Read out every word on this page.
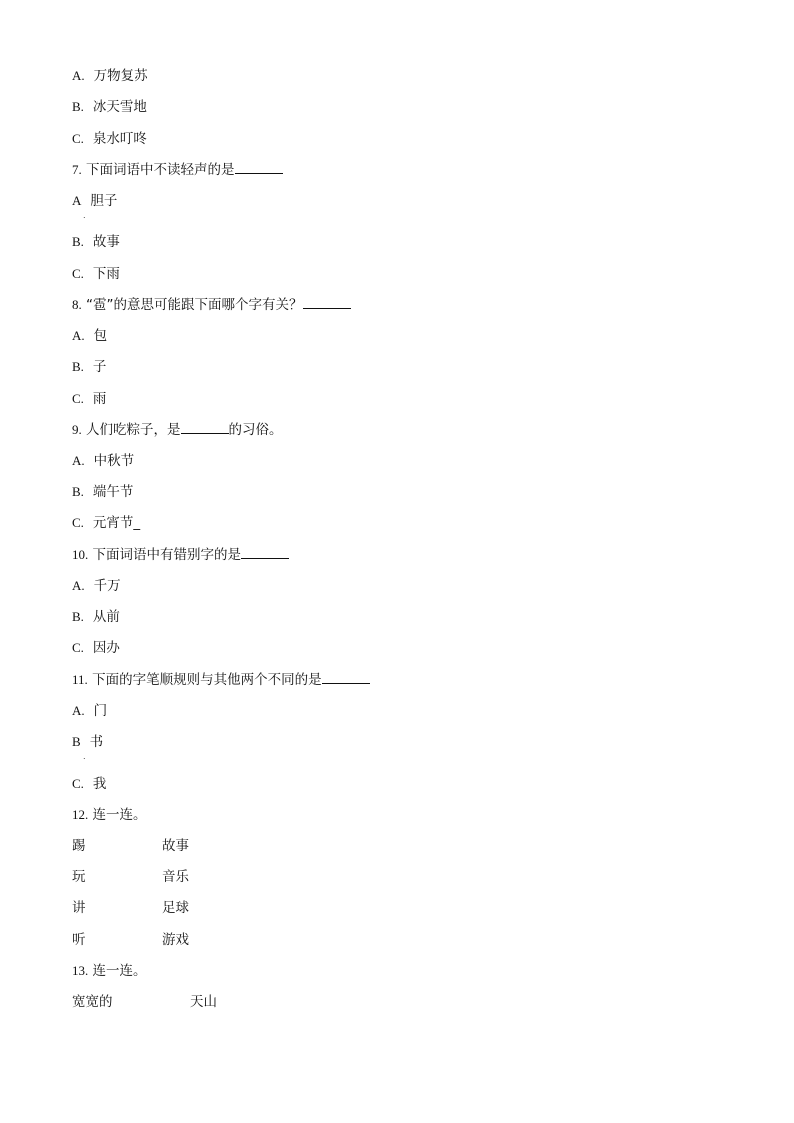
A. 万物复苏
B. 冰天雪地
C. 泉水叮咚
7. 下面词语中不读轻声的是
A 胆子
.
B. 故事
C. 下雨
8. “雹”的意思可能跟下面哪个字有关？
A. 包
B. 子
C. 雨
9. 人们吃粽子，是	的习俗。
A. 中秋节
B. 端午节
C. 元宵节_
10. 下面词语中有错别字的是
A. 千万
B. 从前
C. 因办
11. 下面的字笔顺规则与其他两个不同的是
A. 门
B 书
.
C. 我
12. 连一连。
踢	故事
玩	音乐
讲	足球
听	游戏
13. 连一连。
宽宽的	天山
